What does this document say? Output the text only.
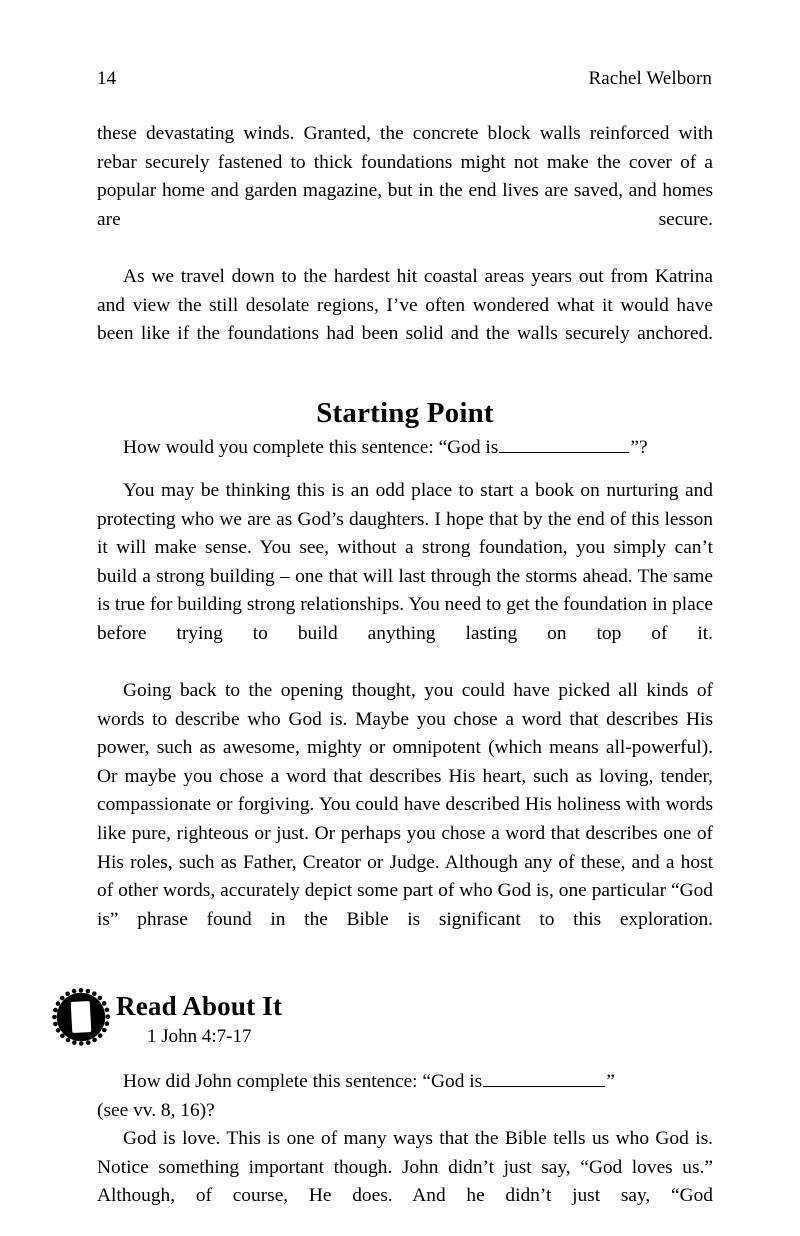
14	Rachel Welborn

these devastating winds. Granted, the concrete block walls reinforced with rebar securely fastened to thick foundations might not make the cover of a popular home and garden magazine, but in the end lives are saved, and homes are secure.

As we travel down to the hardest hit coastal areas years out from Katrina and view the still desolate regions, I’ve often wondered what it would have been like if the foundations had been solid and the walls securely anchored.

Starting Point

How would you complete this sentence: “God is	”?

You may be thinking this is an odd place to start a book on nurturing and protecting who we are as God’s daughters. I hope that by the end of this lesson it will make sense. You see, without a strong foundation, you simply can’t build a strong building – one that will last through the storms ahead. The same is true for building strong relationships. You need to get the foundation in place before trying to build anything lasting on top of it.

Going back to the opening thought, you could have picked all kinds of words to describe who God is. Maybe you chose a word that describes His power, such as awesome, mighty or omnipotent (which means all-powerful). Or maybe you chose a word that describes His heart, such as loving, tender, compassionate or forgiving. You could have described His holiness with words like pure, righteous or just. Or perhaps you chose a word that describes one of His roles, such as Father, Creator or Judge. Although any of these, and a host of other words, accurately depict some part of who God is, one particular “God is” phrase found in the Bible is significant to this exploration.

Read About It

1 John 4:7-17

How did John complete this sentence: “God is	”

(see vv. 8, 16)?

God is love. This is one of many ways that the Bible tells us who God is. Notice something important though. John didn’t just say, “God loves us.” Although, of course, He does. And he didn’t just say, “God
